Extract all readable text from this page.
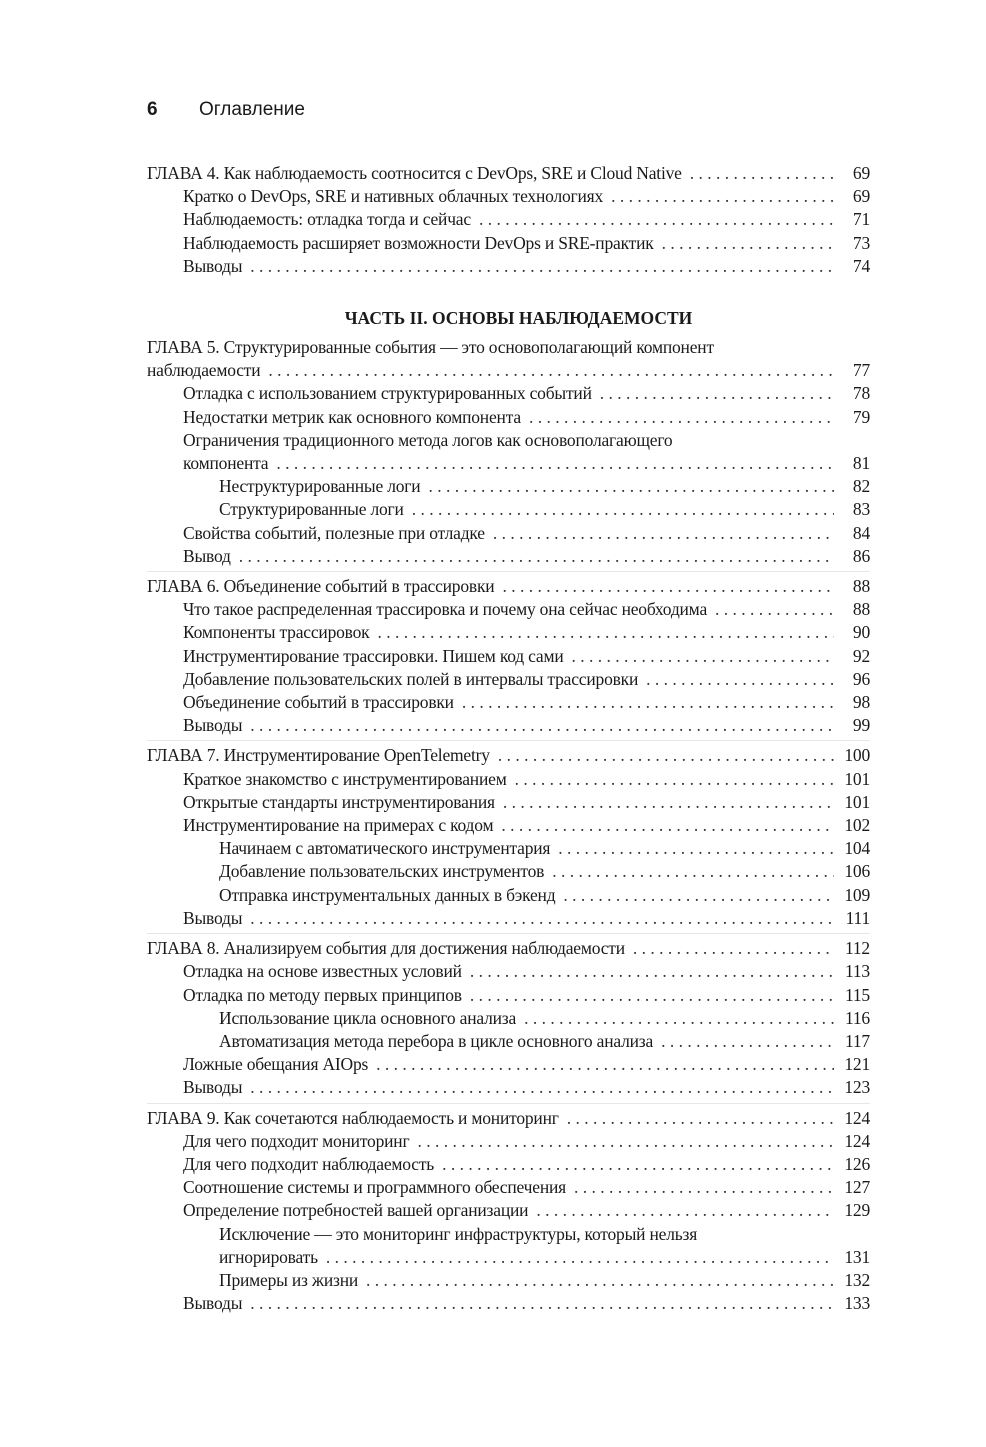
6	Оглавление
ГЛАВА 4. Как наблюдаемость соотносится с DevOps, SRE и Cloud Native . . .	69
Кратко о DevOps, SRE и нативных облачных технологиях . . .	69
Наблюдаемость: отладка тогда и сейчас . . .	71
Наблюдаемость расширяет возможности DevOps и SRE-практик . . .	73
Выводы . . .	74
ЧАСТЬ II. ОСНОВЫ НАБЛЮДАЕМОСТИ
ГЛАВА 5. Структурированные события — это основополагающий компонент
наблюдаемости . . .	77
Отладка с использованием структурированных событий . . .	78
Недостатки метрик как основного компонента . . .	79
Ограничения традиционного метода логов как основополагающего
компонента . . .	81
Неструктурированные логи . . .	82
Структурированные логи . . .	83
Свойства событий, полезные при отладке . . .	84
Вывод . . .	86
ГЛАВА 6. Объединение событий в трассировки . . .	88
Что такое распределенная трассировка и почему она сейчас необходима . . .	88
Компоненты трассировок . . .	90
Инструментирование трассировки. Пишем код сами . . .	92
Добавление пользовательских полей в интервалы трассировки . . .	96
Объединение событий в трассировки . . .	98
Выводы . . .	99
ГЛАВА 7. Инструментирование OpenTelemetry . . .	100
Краткое знакомство с инструментированием . . .	101
Открытые стандарты инструментирования . . .	101
Инструментирование на примерах с кодом . . .	102
Начинаем с автоматического инструментария . . .	104
Добавление пользовательских инструментов . . .	106
Отправка инструментальных данных в бэкенд . . .	109
Выводы . . .	111
ГЛАВА 8. Анализируем события для достижения наблюдаемости . . .	112
Отладка на основе известных условий . . .	113
Отладка по методу первых принципов . . .	115
Использование цикла основного анализа . . .	116
Автоматизация метода перебора в цикле основного анализа . . .	117
Ложные обещания AIOps . . .	121
Выводы . . .	123
ГЛАВА 9. Как сочетаются наблюдаемость и мониторинг . . .	124
Для чего подходит мониторинг . . .	124
Для чего подходит наблюдаемость . . .	126
Соотношение системы и программного обеспечения . . .	127
Определение потребностей вашей организации . . .	129
Исключение — это мониторинг инфраструктуры, который нельзя
игнорировать . . .	131
Примеры из жизни . . .	132
Выводы . . .	133
